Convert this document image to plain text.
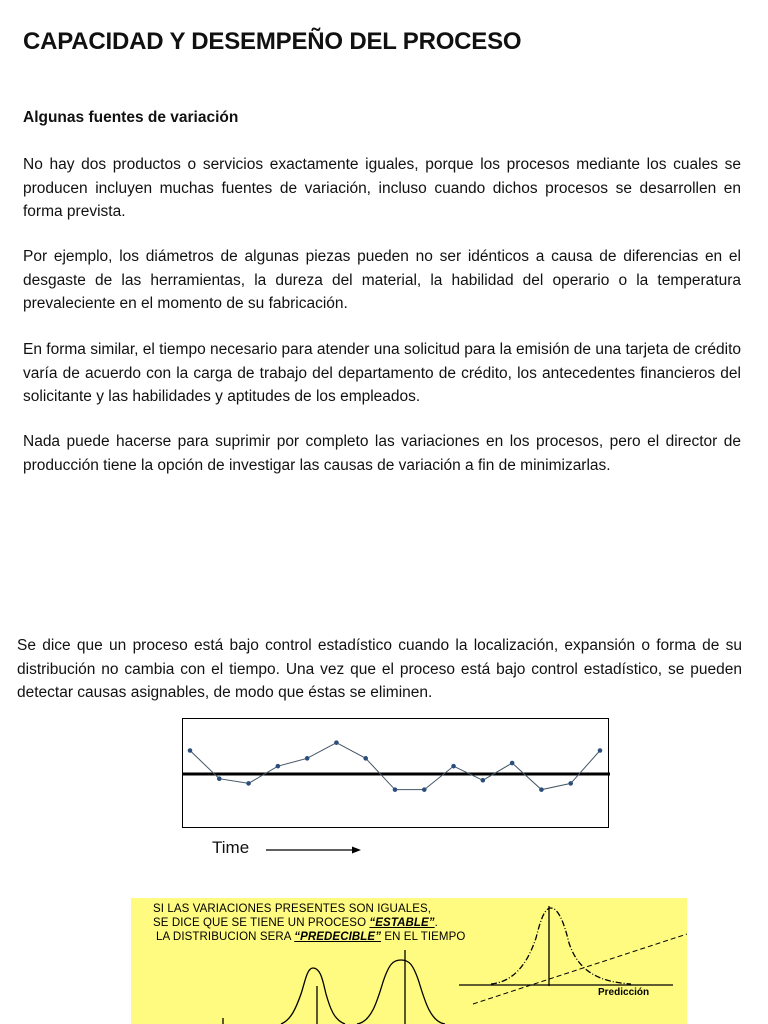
CAPACIDAD Y DESEMPEÑO DEL PROCESO

Algunas fuentes de variación

No hay dos productos o servicios exactamente iguales, porque los procesos mediante los cuales se producen incluyen muchas fuentes de variación, incluso cuando dichos procesos se desarrollen en forma prevista.

Por ejemplo, los diámetros de algunas piezas pueden no ser idénticos a causa de diferencias en el desgaste de las herramientas, la dureza del material, la habilidad del operario o la temperatura prevaleciente en el momento de su fabricación.

En forma similar, el tiempo necesario para atender una solicitud para la emisión de una tarjeta de crédito varía de acuerdo con la carga de trabajo del departamento de crédito, los antecedentes financieros del solicitante y las habilidades y aptitudes de los empleados.

Nada puede hacerse para suprimir por completo las variaciones en los procesos, pero el director de producción tiene la opción de investigar las causas de variación a fin de minimizarlas.

Se dice que un proceso está bajo control estadístico cuando la localización, expansión o forma de su distribución no cambia con el tiempo. Una vez que el proceso está bajo control estadístico, se pueden detectar causas asignables, de modo que éstas se eliminen.

Time
SI LAS VARIACIONES PRESENTES SON IGUALES,
SE DICE QUE SE TIENE UN PROCESO “ESTABLE”.
LA DISTRIBUCION SERA “PREDECIBLE” EN EL TIEMPO
Predicción
